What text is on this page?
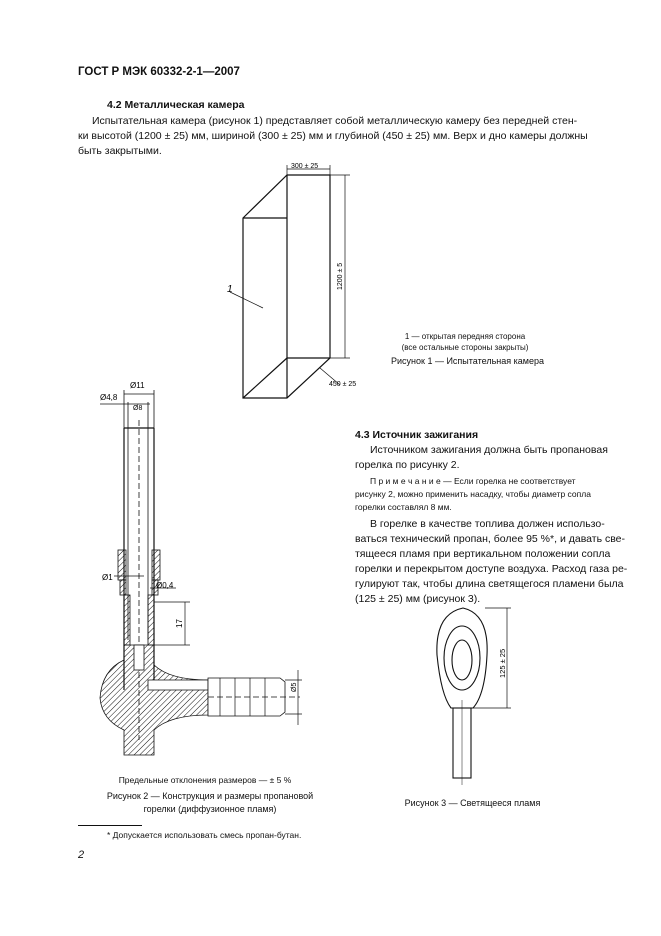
ГОСТ Р МЭК 60332-2-1—2007
4.2 Металлическая камера
Испытательная камера (рисунок 1) представляет собой металлическую камеру без передней стен-
ки высотой (1200 ± 25) мм, шириной (300 ± 25) мм и глубиной (450 ± 25) мм. Верх и дно камеры должны
быть закрытыми.
300 ± 25
1200 ± 5
450 ± 25
1
1 — открытая передняя сторона
(все остальные стороны закрыты)
Рисунок 1 — Испытательная камера
Ø11
Ø4,8
Ø8
Ø1
Ø0,4
17
Ø5
Предельные отклонения размеров — ± 5 %
Рисунок 2 — Конструкция и размеры пропановой
горелки (диффузионное пламя)
4.3 Источник зажигания
Источником зажигания должна быть пропановая
горелка по рисунку 2.
П р и м е ч а н и е — Если горелка не соответствует
рисунку 2, можно применить насадку, чтобы диаметр сопла
горелки составлял 8 мм.
В горелке в качестве топлива должен использо-
ваться технический пропан, более 95 %*, и давать све-
тящееся пламя при вертикальном положении сопла
горелки и перекрытом доступе воздуха. Расход газа ре-
гулируют так, чтобы длина светящегося пламени была
(125 ± 25) мм (рисунок 3).
125 ± 25
Рисунок 3 — Светящееся пламя
* Допускается использовать смесь пропан-бутан.
2
